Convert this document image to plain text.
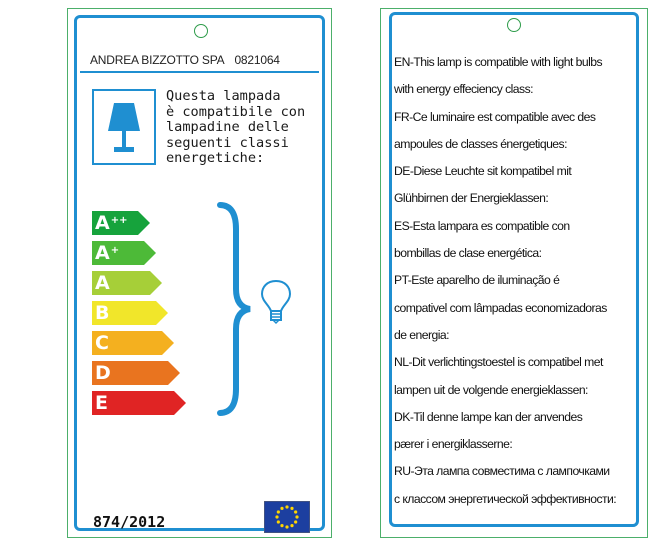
ANDREA BIZZOTTO SPA 0821064
Questa lampada
è compatibile con
lampadine delle
seguenti classi
energetiche:
A++
A+
A
B
C
D
E
874/2012
EN-This lamp is compatible with light bulbs
with energy effeciency class:
FR-Ce luminaire est compatible avec des
ampoules de classes énergetiques:
DE-Diese Leuchte sit kompatibel mit
Glühbirnen der Energieklassen:
ES-Esta lampara es compatible con
bombillas de clase energética:
PT-Este aparelho de iluminação é
compativel com lâmpadas economizadoras
de energia:
NL-Dit verlichtingstoestel is compatibel met
lampen uit de volgende energieklassen:
DK-Til denne lampe kan der anvendes
pærer i energiklasserne:
RU-Эта лампа совместима с лампочками
с классом энергетической эффективности:
